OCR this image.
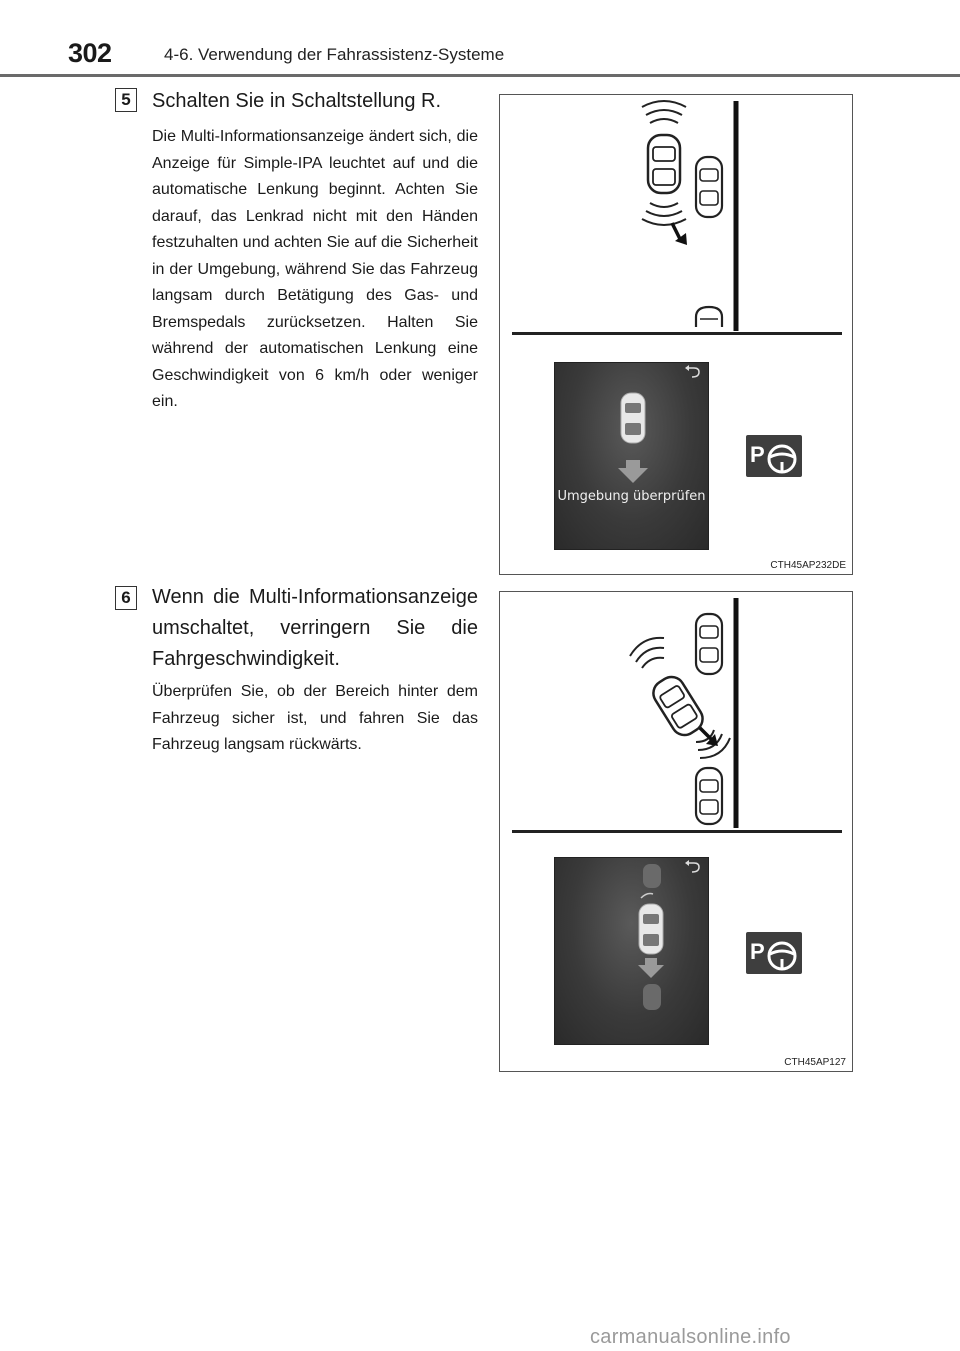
302	4-6. Verwendung der Fahrassistenz-Systeme
5	Schalten Sie in Schaltstellung R.
Die Multi-Informationsanzeige ändert sich, die Anzeige für Simple-IPA leuchtet auf und die automatische Lenkung beginnt. Achten Sie darauf, das Lenkrad nicht mit den Händen festzuhalten und achten Sie auf die Sicherheit in der Umgebung, während Sie das Fahrzeug langsam durch Betätigung des Gas- und Bremspedals zurücksetzen. Halten Sie während der automatischen Lenkung eine Geschwindigkeit von 6 km/h oder weniger ein.
Umgebung überprüfen
P
CTH45AP232DE
6	Wenn die Multi-Informationsanzeige umschaltet, verringern Sie die Fahrgeschwindigkeit.
Überprüfen Sie, ob der Bereich hinter dem Fahrzeug sicher ist, und fahren Sie das Fahrzeug langsam rückwärts.
P
CTH45AP127
carmanualsonline.info
